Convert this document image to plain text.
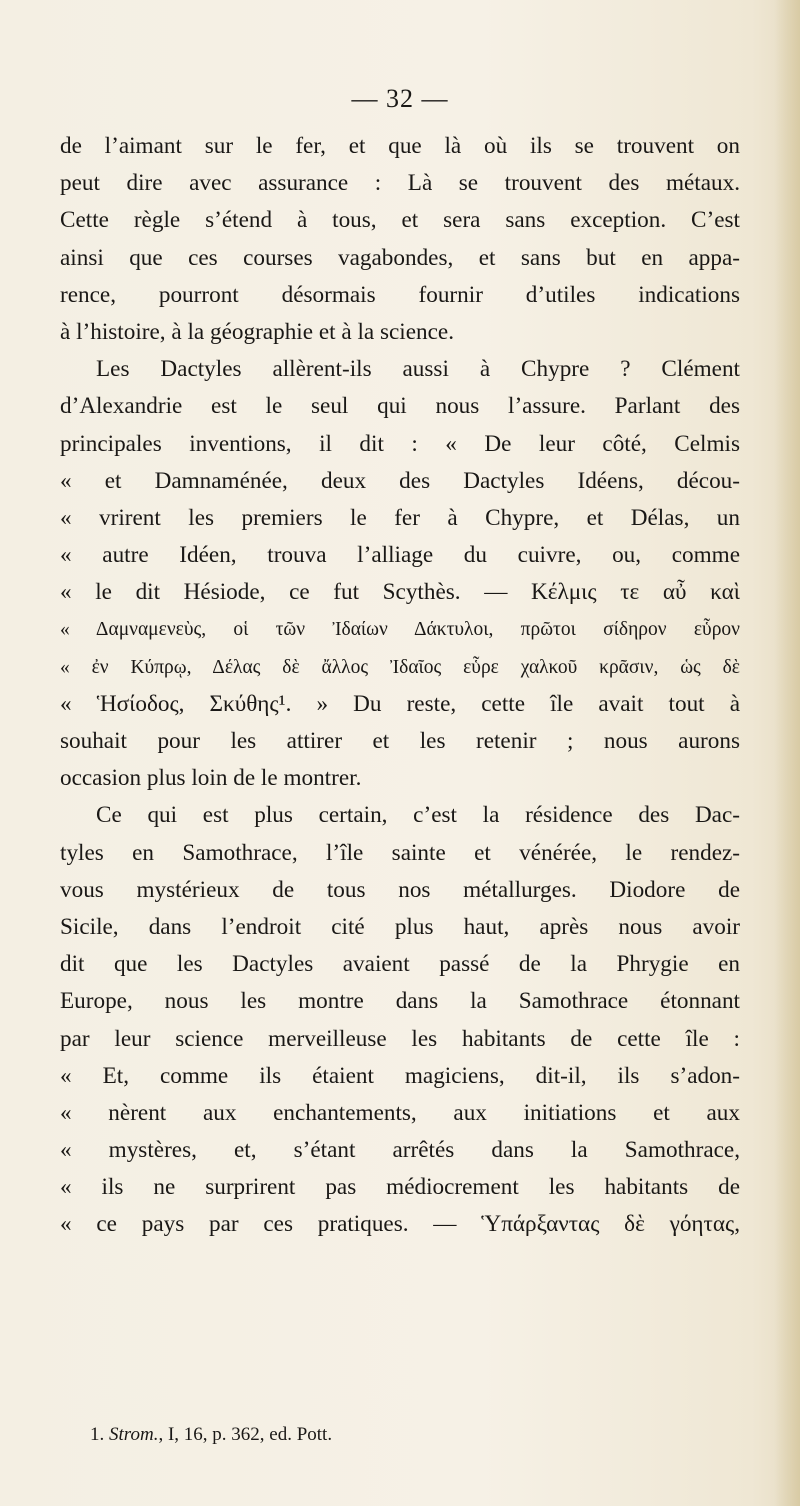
— 32 —
de l’aimant sur le fer, et que là où ils se trouvent on
peut dire avec assurance : Là se trouvent des métaux.
Cette règle s’étend à tous, et sera sans exception. C’est
ainsi que ces courses vagabondes, et sans but en appa-
rence, pourront désormais fournir d’utiles indications
à l’histoire, à la géographie et à la science.
Les Dactyles allèrent-ils aussi à Chypre ? Clément
d’Alexandrie est le seul qui nous l’assure. Parlant des
principales inventions, il dit : « De leur côté, Celmis
« et Damnaménée, deux des Dactyles Idéens, décou-
« vrirent les premiers le fer à Chypre, et Délas, un
« autre Idéen, trouva l’alliage du cuivre, ou, comme
« le dit Hésiode, ce fut Scythès. — Κέλμις τε αὖ καὶ
« Δαμναμενεὺς, οἱ τῶν Ἰδαίων Δάκτυλοι, πρῶτοι σίδηρον εὗρον
« ἐν Κύπρῳ, Δέλας δὲ ἄλλος Ἰδαῖος εὗρε χαλκοῦ κρᾶσιν, ὡς δὲ
« Ἡσίοδος, Σκύθης¹. » Du reste, cette île avait tout à
souhait pour les attirer et les retenir ; nous aurons
occasion plus loin de le montrer.
Ce qui est plus certain, c’est la résidence des Dac-
tyles en Samothrace, l’île sainte et vénérée, le rendez-
vous mystérieux de tous nos métallurges. Diodore de
Sicile, dans l’endroit cité plus haut, après nous avoir
dit que les Dactyles avaient passé de la Phrygie en
Europe, nous les montre dans la Samothrace étonnant
par leur science merveilleuse les habitants de cette île :
« Et, comme ils étaient magiciens, dit-il, ils s’adon-
« nèrent aux enchantements, aux initiations et aux
« mystères, et, s’étant arrêtés dans la Samothrace,
« ils ne surprirent pas médiocrement les habitants de
« ce pays par ces pratiques. — Ὑπάρξαντας δὲ γόητας,
1. Strom., I, 16, p. 362, ed. Pott.
